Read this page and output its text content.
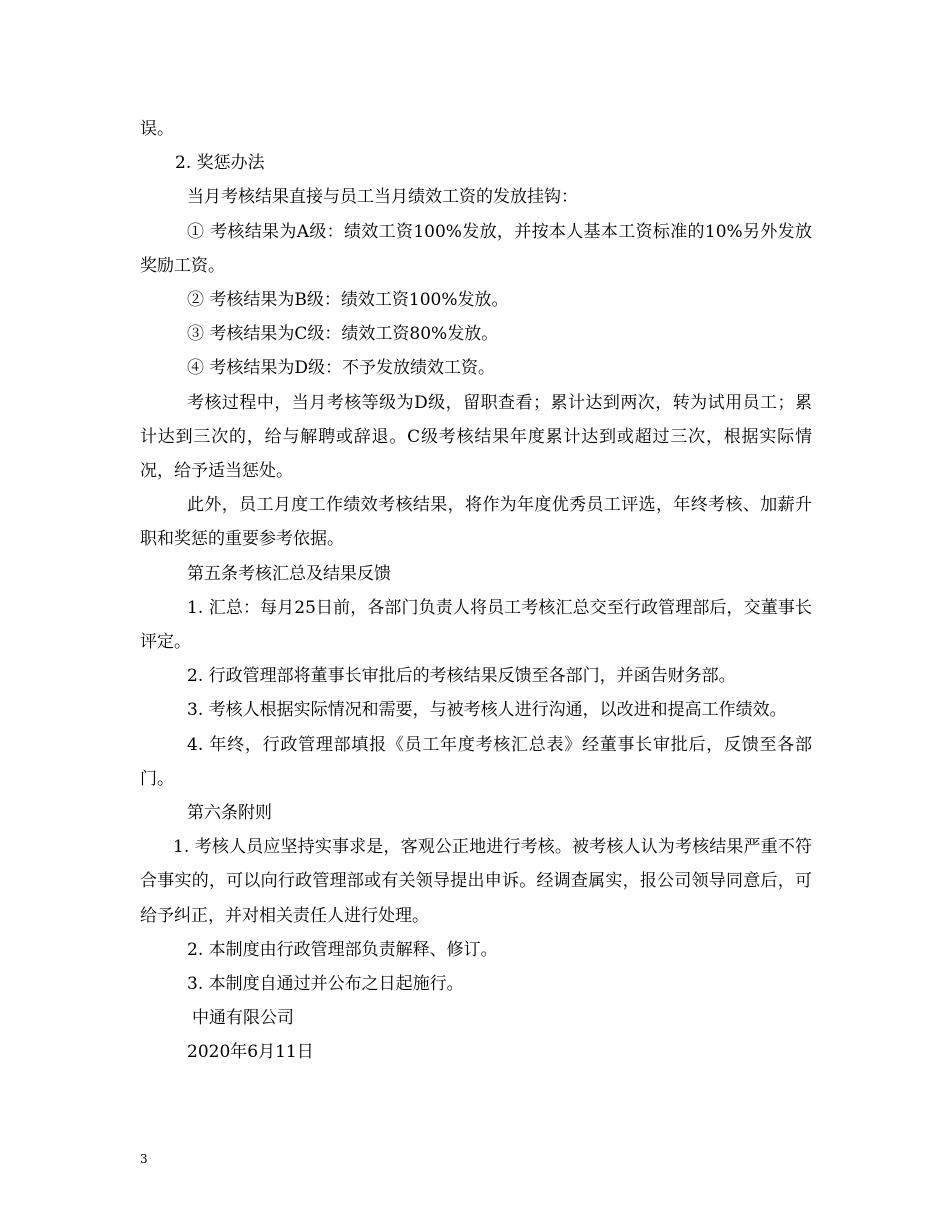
误。

2. 奖惩办法

当月考核结果直接与员工当月绩效工资的发放挂钩：

① 考核结果为A级：绩效工资100%发放，并按本人基本工资标准的10%另外发放奖励工资。

② 考核结果为B级：绩效工资100%发放。

③ 考核结果为C级：绩效工资80%发放。

④ 考核结果为D级：不予发放绩效工资。

考核过程中，当月考核等级为D级，留职查看；累计达到两次，转为试用员工；累计达到三次的，给与解聘或辞退。C级考核结果年度累计达到或超过三次，根据实际情况，给予适当惩处。

此外，员工月度工作绩效考核结果，将作为年度优秀员工评选，年终考核、加薪升职和奖惩的重要参考依据。

第五条考核汇总及结果反馈

1. 汇总：每月25日前，各部门负责人将员工考核汇总交至行政管理部后，交董事长评定。

2. 行政管理部将董事长审批后的考核结果反馈至各部门，并函告财务部。

3. 考核人根据实际情况和需要，与被考核人进行沟通，以改进和提高工作绩效。

4. 年终，行政管理部填报《员工年度考核汇总表》经董事长审批后，反馈至各部门。

第六条附则

1. 考核人员应坚持实事求是，客观公正地进行考核。被考核人认为考核结果严重不符合事实的，可以向行政管理部或有关领导提出申诉。经调查属实，报公司领导同意后，可给予纠正，并对相关责任人进行处理。

2. 本制度由行政管理部负责解释、修订。

3. 本制度自通过并公布之日起施行。

中通有限公司

2020年6月11日

3
